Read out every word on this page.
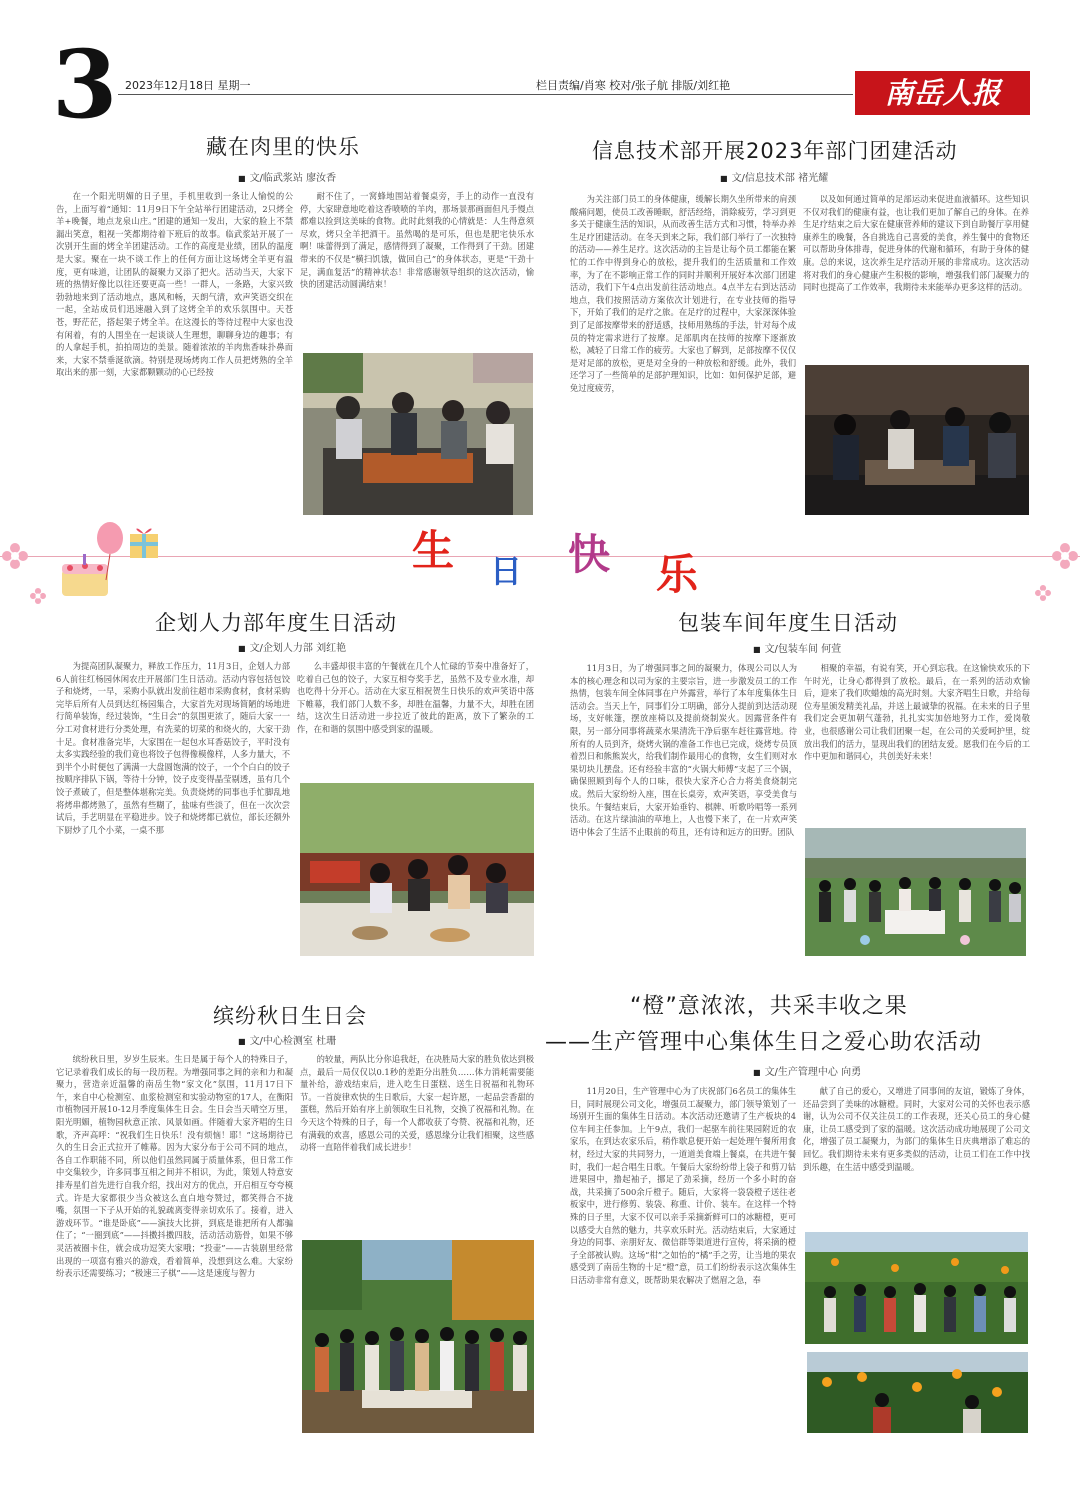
3 2023年12月18日 星期一	栏目责编/肖寒 校对/张子航 排版/刘红艳	南岳人报
藏在肉里的快乐
■ 文/临武浆站 廖汝香
在一个阳光明媚的日子里，手机里收到一条让人愉悦的公告，上面写着“通知：11月9日下午全站举行团建活动，2只烤全羊+晚餐，地点龙泉山庄。”团建的通知一发出，大家的脸上不禁漏出笑意，粗视一笑都期待着下班后的故事。临武浆站开展了一次别开生面的烤全羊团建活动。工作的高度是业绩，团队的温度是大家。聚在一块不谈工作上的任何方面让这场烤全羊更有温度，更有味道，让团队的凝聚力又添了把火。活动当天，大家下班的热情好像比以往还要更高一些！一群人，一条路，大家兴致勃勃地来到了活动地点，惠风和畅，天朗气清，欢声笑语交织在一起，全站成员们迅速融入到了这烤全羊的欢乐氛围中。天苍苍，野茫茫，搭起架子烤全羊。在这漫长的等待过程中大家也没有闲着，有的人围坐在一起谈谈人生理想，聊聊身边的趣事；有的人拿起手机，拍拍周边的美景。随着浓浓的羊肉焦香味扑鼻而来，大家不禁垂涎欲滴。特别是现场烤肉工作人员把烤熟的全羊取出来的那一刻，大家都颗颗动的心已经按
耐不住了，一窝蜂地围站着餐桌旁，手上的动作一直没有停，大家肆意地吃着这香喷喷的羊肉，那场景那画面但凡手慢点都难以捡到这美味的食物。此时此刻我的心情就是：人生得意须尽欢，烤只全羊把酒干。虽然喝的是可乐，但也是肥宅快乐水啊！味蕾得到了满足，感情得到了凝聚，工作得到了干劲。团建带来的不仅是“横扫饥饿，做回自己”的身体状态，更是“干劲十足，满血复活”的精神状态！非常感谢领导组织的这次活动，愉快的团建活动圆满结束！
信息技术部开展2023年部门团建活动
■ 文/信息技术部 褚光耀
为关注部门员工的身体健康，缓解长期久坐所带来的肩颈酸痛问题，使员工改善睡眠，舒活经络，消除疲劳，学习到更多关于健康生活的知识，从而改善生活方式和习惯，特举办养生足疗团建活动。在冬天到来之际，我们部门举行了一次独特的活动——养生足疗。这次活动的主旨是让每个员工都能在繁忙的工作中得到身心的放松，提升我们的生活质量和工作效率，为了在不影响正常工作的同时并顺利开展好本次部门团建活动，我们下午4点出发前往活动地点。4点半左右到达活动地点，我们按照活动方案依次计划进行，在专业技师的指导下，开始了我们的足疗之旅。在足疗的过程中，大家深深体验到了足部按摩带来的舒适感，技师用熟练的手法，针对每个成员的特定需求进行了按摩。足部肌肉在技师的按摩下逐渐放松，减轻了日常工作的疲劳。大家也了解到，足部按摩不仅仅是对足部的放松，更是对全身的一种放松和舒缓。此外，我们还学习了一些简单的足部护理知识，比如：如何保护足部，避免过度疲劳，
以及如何通过简单的足部运动来促进血液循环。这些知识不仅对我们的健康有益，也让我们更加了解自己的身体。在养生足疗结束之后大家在健康营养师的建议下到自助餐厅享用健康养生的晚餐，各自挑选自己喜爱的美食，养生餐中的食物还可以帮助身体排毒，促进身体的代谢和循环，有助于身体的健康。总的来说，这次养生足疗活动开展的非常成功。这次活动将对我们的身心健康产生积极的影响，增强我们部门凝聚力的同时也提高了工作效率，我期待未来能举办更多这样的活动。
生 日 快 乐
企划人力部年度生日活动
■ 文/企划人力部 刘红艳
为提高团队凝聚力，释放工作压力，11月3日，企划人力部6人前往红杨园休闲农庄开展部门生日活动。活动内容包括包饺子和烧烤，一早，采购小队就出发前往超市采购食材，食材采购完毕后所有人员到达红杨园集合，大家首先对现场简陋的场地进行简单装饰，经过装饰，“生日会”的氛围更浓了，随后大家一一分工对食材进行分类处理，有洗菜的切菜的和烧火的，大家干劲十足。食材准备完毕，大家围在一起包水耳香菇饺子，平时没有太多实践经验的我们竟也将饺子包得像模像样，人多力量大，不到半个小时便包了满满一大盘圆饱满的饺子，一个个白白的饺子按顺序排队下锅，等待十分钟，饺子皮变得晶莹剔透，虽有几个饺子煮破了，但是整体堪称完美。负责烧烤的同事也手忙脚乱地将烤串都烤熟了，虽然有些糊了，盐味有些淡了，但在一次次尝试后，手艺明显在平稳进步。饺子和烧烤都已就位，部长还额外下厨炒了几个小菜，一桌不那
么丰盛却很丰富的午餐就在几个人忙碌的节奏中准备好了，吃着自己包的饺子，大家互相夸奖手艺，虽然不及专业水准，却也吃得十分开心。活动在大家互相祝贺生日快乐的欢声笑语中落下帷幕，我们部门人数不多，却胜在温馨，力量不大，却胜在团结，这次生日活动进一步拉近了彼此的距离，放下了繁杂的工作，在和谐的氛围中感受到家的温暖。
包装车间年度生日活动
■ 文/包装车间 何萱
11月3日，为了增强同事之间的凝聚力，体现公司以人为本的核心理念和以司为家的主要宗旨，进一步激发员工的工作热情，包装车间全体同事在户外露营，举行了本年度集体生日活动会。当天上午，同事们分工明确，部分人提前到达活动现场，支好帐篷，摆放座椅以及提前烧制炭火。因露营条件有限，另一部分同事将蔬菜水果清洗干净后驱车赶往露营地。待所有的人员到齐，烧烤火锅的准备工作也已完成，烧烤专员顶着烈日和熊熊炭火，给我们制作最用心的食物，女生们则对水果切块儿摆盘。还有经验丰富的“火锅大师傅”支起了三个锅，确保照顾到每个人的口味，很快大家齐心合力将美食烧制完成。然后大家纷纷入座，围在长桌旁，欢声笑语，享受美食与快乐。午餐结束后，大家开始垂钓、棋牌、听歌吟唱等一系列活动。在这片绿油油的草地上，人也慢下来了，在一片欢声笑语中体会了生活不止眼前的苟且，还有诗和远方的田野。团队
相聚的幸福，有说有笑，开心到忘我。在这愉快欢乐的下午时光，让身心都得到了放松。最后，在一系列的活动欢愉后，迎来了我们吹蜡烛的高光时刻。大家齐唱生日歌，并给每位寿星颁发精美礼品，并送上最诚挚的祝福。在未来的日子里我们定会更加朝气蓬勃，扎扎实实加倍地努力工作，爱岗敬业，也很感谢公司让我们团聚一起，在公司的关爱呵护里，绽放出我们的活力，显现出我们的团结友爱。愿我们在今后的工作中更加和谐同心，共创美好未来！
缤纷秋日生日会
■ 文/中心检测室 杜珊
缤纷秋日里，岁岁生辰来。生日是属于每个人的特殊日子，它记录着我们成长的每一段历程。为增强同事之间的亲和力和凝聚力，营造亲近温馨的南岳生物“家文化”氛围，11月17日下午，来自中心检测室、血浆检测室和实验动物室的17人，在衡阳市植物园开展10-12月季度集体生日会。生日会当天晴空万里，阳光明媚，植物园秋意正浓、风景如画。伴随着大家齐唱的生日歌，齐声高呼：“祝我们生日快乐！没有烦恼！耶！”这场期待已久的生日会正式拉开了帷幕。因为大家分布于公司不同的地点，各自工作职能不同，所以他们虽然同属于质量体系，但日常工作中交集较少，许多同事互相之间并不相识，为此，策划人特意安排寿星们首先进行自我介绍，找出对方的优点，开启相互夸夸模式。许是大家都很少当众被这么直白地夸赞过，都笑得合不拢嘴，氛围一下子从开始的礼貌疏离变得亲切欢乐了。接着，进入游戏环节。“谁是卧底”——演技大比拼，到底是谁把所有人都骗住了；“一圈到底”——抖擞抖擞四肢，活动活动筋骨，如果不够灵活被圈卡住，就会成功逗笑大家哦；“投壶”——古装剧里经常出现的一项富有雅兴的游戏，看着简单，没想到这么难。大家纷纷表示还需要练习；“极速三子棋”——这是速度与智力
的较量，两队比分你追我赶，在决胜局大家的胜负依达到极点，最后一局仅仅以0.1秒的差距分出胜负……体力消耗需要能量补给，游戏结束后，进入吃生日蛋糕、送生日祝福和礼物环节。一首旋律欢快的生日歌后，大家一起许愿，一起品尝香甜的蛋糕，然后开始有序上前领取生日礼物，交换了祝福和礼物。在今天这个特殊的日子，每一个人都收获了夸赞、祝福和礼物，还有满载的欢喜，感恩公司的关爱，感恩缘分让我们相聚，这些感动将一直陪伴着我们成长进步！
“橙”意浓浓，共采丰收之果
——生产管理中心集体生日之爱心助农活动
■ 文/生产管理中心 向勇
11月20日，生产管理中心为了庆祝部门6名员工的集体生日，同时展现公司文化，增强员工凝聚力，部门领导策划了一场别开生面的集体生日活动。本次活动还邀请了生产板块的4位车间主任参加。上午9点，我们一起驱车前往果园附近的农家乐，在到达农家乐后，稍作歇息便开始一起处理午餐所用食材，经过大家的共同努力，一道道美食端上餐桌，在共进午餐时，我们一起合唱生日歌。午餐后大家纷纷带上袋子和剪刀钻进果园中，撸起袖子，挪足了劲采摘，经历一个多小时的奋战，共采摘了500余斤橙子。随后，大家将一袋袋橙子送往老板家中，进行修剪、装袋、称重、计价、装车。在这样一个特殊的日子里，大家不仅可以亲手采摘新鲜可口的冰糖橙，更可以感受大自然的魅力，共享欢乐时光。活动结束后，大家通过身边的同事、亲朋好友、微信群等渠道进行宣传，将采摘的橙子全部被认购。这场“柑”之如怡的“橘”手之劳，让当地的果农感受到了南岳生物的十足“橙”意，员工们纷纷表示这次集体生日活动非常有意义，既帮助果农解决了燃眉之急，奉
献了自己的爱心，又增进了同事间的友谊，锻炼了身体，还品尝到了美味的冰糖橙。同时，大家对公司的关怀也表示感谢，认为公司不仅关注员工的工作表现，还关心员工的身心健康，让员工感受到了家的温暖。这次活动成功地展现了公司文化，增强了员工凝聚力，为部门的集体生日庆典增添了难忘的回忆。我们期待未来有更多类似的活动，让员工们在工作中找到乐趣，在生活中感受到温暖。
